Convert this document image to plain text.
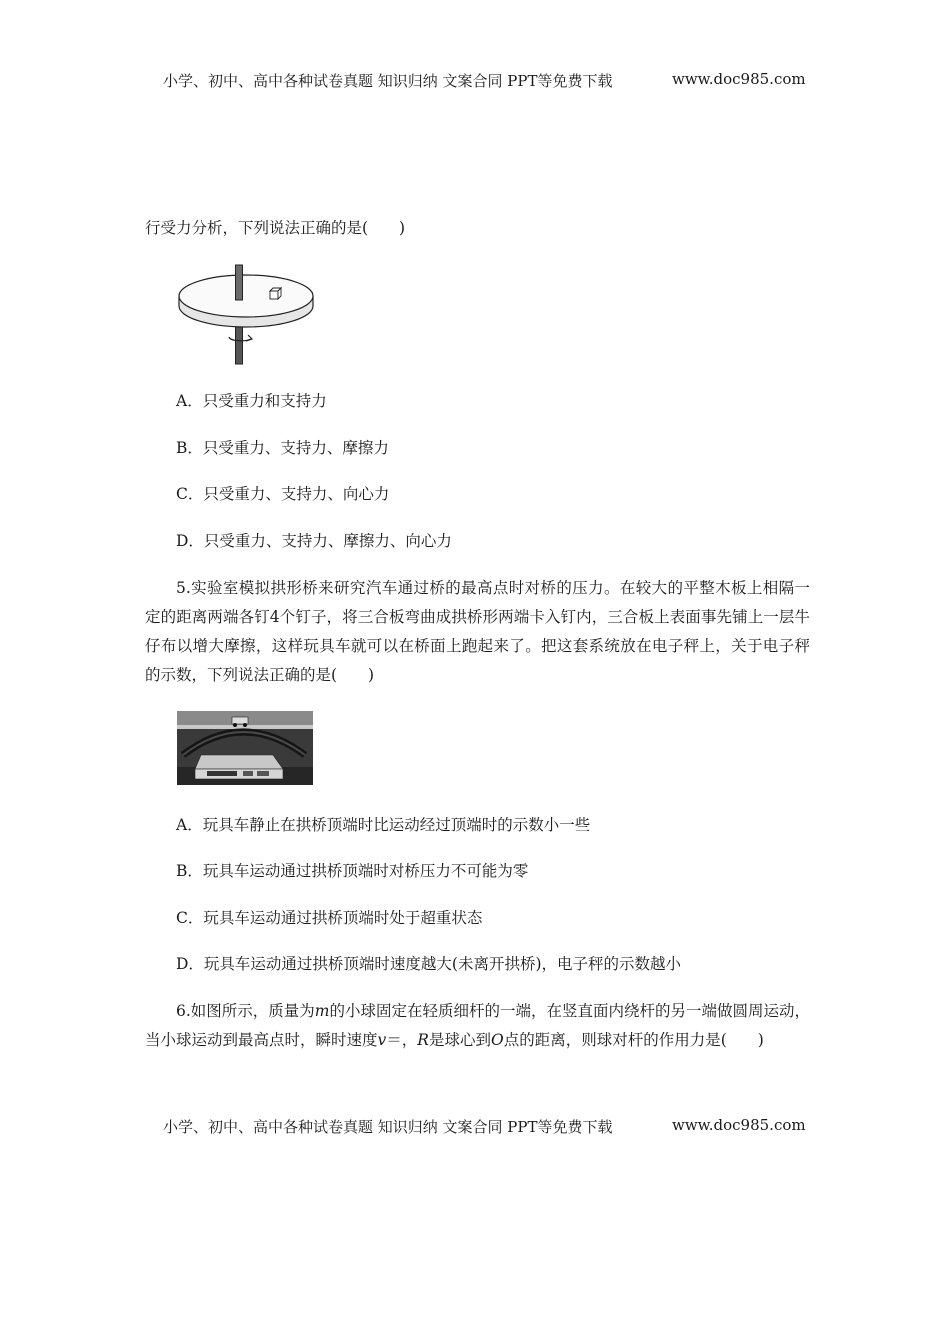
小学、初中、高中各种试卷真题 知识归纳 文案合同 PPT等免费下载	www.doc985.com
行受力分析，下列说法正确的是(　　)
A．只受重力和支持力
B．只受重力、支持力、摩擦力
C．只受重力、支持力、向心力
D．只受重力、支持力、摩擦力、向心力
5.实验室模拟拱形桥来研究汽车通过桥的最高点时对桥的压力。在较大的平整木板上相隔一定的距离两端各钉4个钉子，将三合板弯曲成拱桥形两端卡入钉内，三合板上表面事先铺上一层牛仔布以增大摩擦，这样玩具车就可以在桥面上跑起来了。把这套系统放在电子秤上，关于电子秤的示数，下列说法正确的是(　　)
A．玩具车静止在拱桥顶端时比运动经过顶端时的示数小一些
B．玩具车运动通过拱桥顶端时对桥压力不可能为零
C．玩具车运动通过拱桥顶端时处于超重状态
D．玩具车运动通过拱桥顶端时速度越大(未离开拱桥)，电子秤的示数越小
6.如图所示，质量为m的小球固定在轻质细杆的一端，在竖直面内绕杆的另一端做圆周运动，当小球运动到最高点时，瞬时速度v＝，R是球心到O点的距离，则球对杆的作用力是(　　)
小学、初中、高中各种试卷真题 知识归纳 文案合同 PPT等免费下载	www.doc985.com
